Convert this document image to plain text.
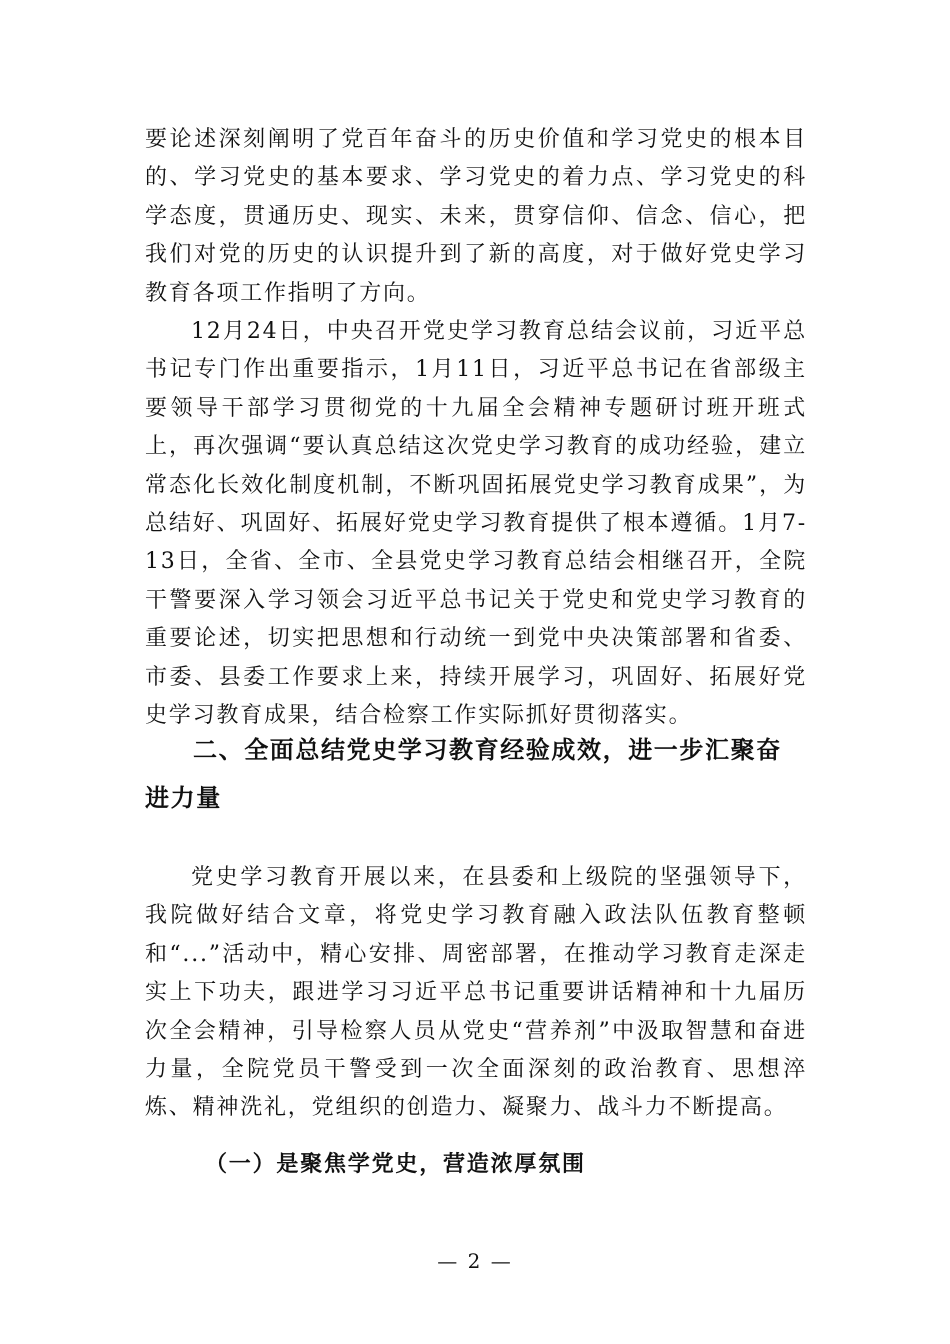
要论述深刻阐明了党百年奋斗的历史价值和学习党史的根本目的、学习党史的基本要求、学习党史的着力点、学习党史的科学态度，贯通历史、现实、未来，贯穿信仰、信念、信心，把我们对党的历史的认识提升到了新的高度，对于做好党史学习教育各项工作指明了方向。

12月24日，中央召开党史学习教育总结会议前，习近平总书记专门作出重要指示，1月11日，习近平总书记在省部级主要领导干部学习贯彻党的十九届全会精神专题研讨班开班式上，再次强调“要认真总结这次党史学习教育的成功经验，建立常态化长效化制度机制，不断巩固拓展党史学习教育成果”，为总结好、巩固好、拓展好党史学习教育提供了根本遵循。1月7-13日，全省、全市、全县党史学习教育总结会相继召开，全院干警要深入学习领会习近平总书记关于党史和党史学习教育的重要论述，切实把思想和行动统一到党中央决策部署和省委、市委、县委工作要求上来，持续开展学习，巩固好、拓展好党史学习教育成果，结合检察工作实际抓好贯彻落实。

二、全面总结党史学习教育经验成效，进一步汇聚奋进力量

党史学习教育开展以来，在县委和上级院的坚强领导下，我院做好结合文章，将党史学习教育融入政法队伍教育整顿和“...”活动中，精心安排、周密部署，在推动学习教育走深走实上下功夫，跟进学习习近平总书记重要讲话精神和十九届历次全会精神，引导检察人员从党史“营养剂”中汲取智慧和奋进力量，全院党员干警受到一次全面深刻的政治教育、思想淬炼、精神洗礼，党组织的创造力、凝聚力、战斗力不断提高。

（一）是聚焦学党史，营造浓厚氛围
— 2 —
